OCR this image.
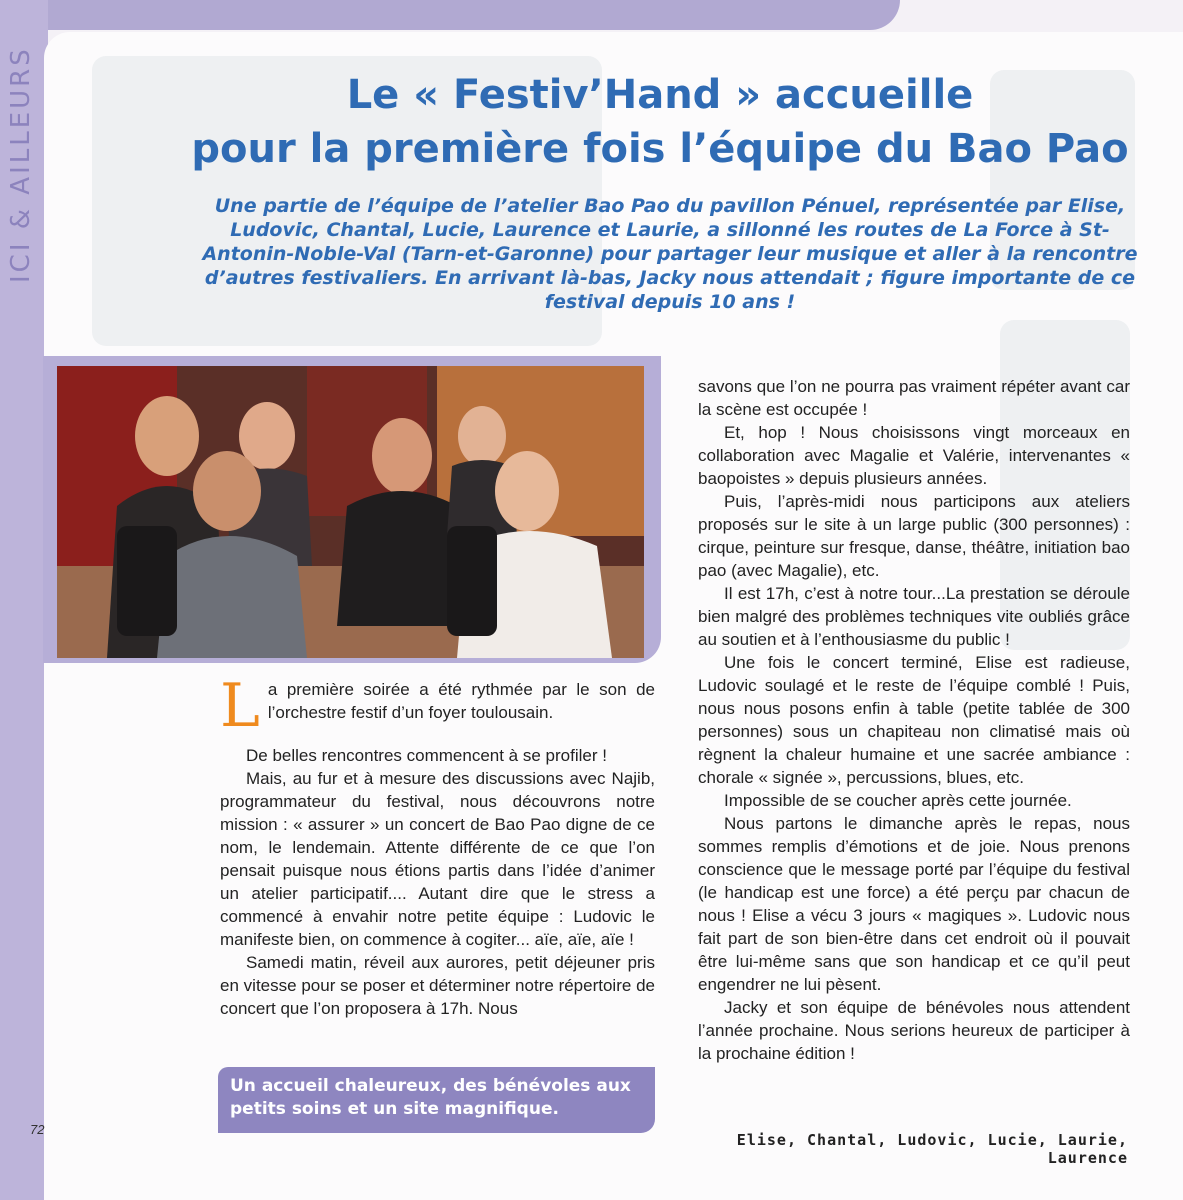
ICI & AILLEURS	Le « Festiv’Hand » accueille
pour la première fois l’équipe du Bao Pao
Une partie de l’équipe de l’atelier Bao Pao du pavillon Pénuel, représentée par Elise, Ludovic, Chantal, Lucie, Laurence et Laurie, a sillonné les routes de La Force à St-Antonin-Noble-Val (Tarn-et-Garonne) pour partager leur musique et aller à la rencontre d’autres festivaliers. En arrivant là-bas, Jacky nous attendait ; figure importante de ce festival depuis 10 ans !

La première soirée a été rythmée par le son de l’orchestre festif d’un foyer toulousain.

De belles rencontres commencent à se profiler !

Mais, au fur et à mesure des discussions avec Najib, programmateur du festival, nous découvrons notre mission : « assurer » un concert de Bao Pao digne de ce nom, le lendemain. Attente différente de ce que l’on pensait puisque nous étions partis dans l’idée d’animer un atelier participatif.... Autant dire que le stress a commencé à envahir notre petite équipe : Ludovic le manifeste bien, on commence à cogiter... aïe, aïe, aïe !

Samedi matin, réveil aux aurores, petit déjeuner pris en vitesse pour se poser et déterminer notre répertoire de concert que l’on proposera à 17h. Nous

savons que l’on ne pourra pas vraiment répéter avant car la scène est occupée !

Et, hop ! Nous choisissons vingt morceaux en collaboration avec Magalie et Valérie, intervenantes « baopoistes » depuis plusieurs années.

Puis, l’après-midi nous participons aux ateliers proposés sur le site à un large public (300 personnes) : cirque, peinture sur fresque, danse, théâtre, initiation bao pao (avec Magalie), etc.

Il est 17h, c’est à notre tour...La prestation se déroule bien malgré des problèmes techniques vite oubliés grâce au soutien et à l’enthousiasme du public !

Une fois le concert terminé, Elise est radieuse, Ludovic soulagé et le reste de l’équipe comblé ! Puis, nous nous posons enfin à table (petite tablée de 300 personnes) sous un chapiteau non climatisé mais où règnent la chaleur humaine et une sacrée ambiance : chorale « signée », percussions, blues, etc.

Impossible de se coucher après cette journée.

Nous partons le dimanche après le repas, nous sommes remplis d’émotions et de joie. Nous prenons conscience que le message porté par l’équipe du festival (le handicap est une force) a été perçu par chacun de nous ! Elise a vécu 3 jours « magiques ». Ludovic nous fait part de son bien-être dans cet endroit où il pouvait être lui-même sans que son handicap et ce qu’il peut engendrer ne lui pèsent.

Jacky et son équipe de bénévoles nous attendent l’année prochaine. Nous serions heureux de participer à la prochaine édition !

Un accueil chaleureux, des bénévoles aux petits soins et un site magnifique.
72
Elise, Chantal, Ludovic, Lucie, Laurie, Laurence
